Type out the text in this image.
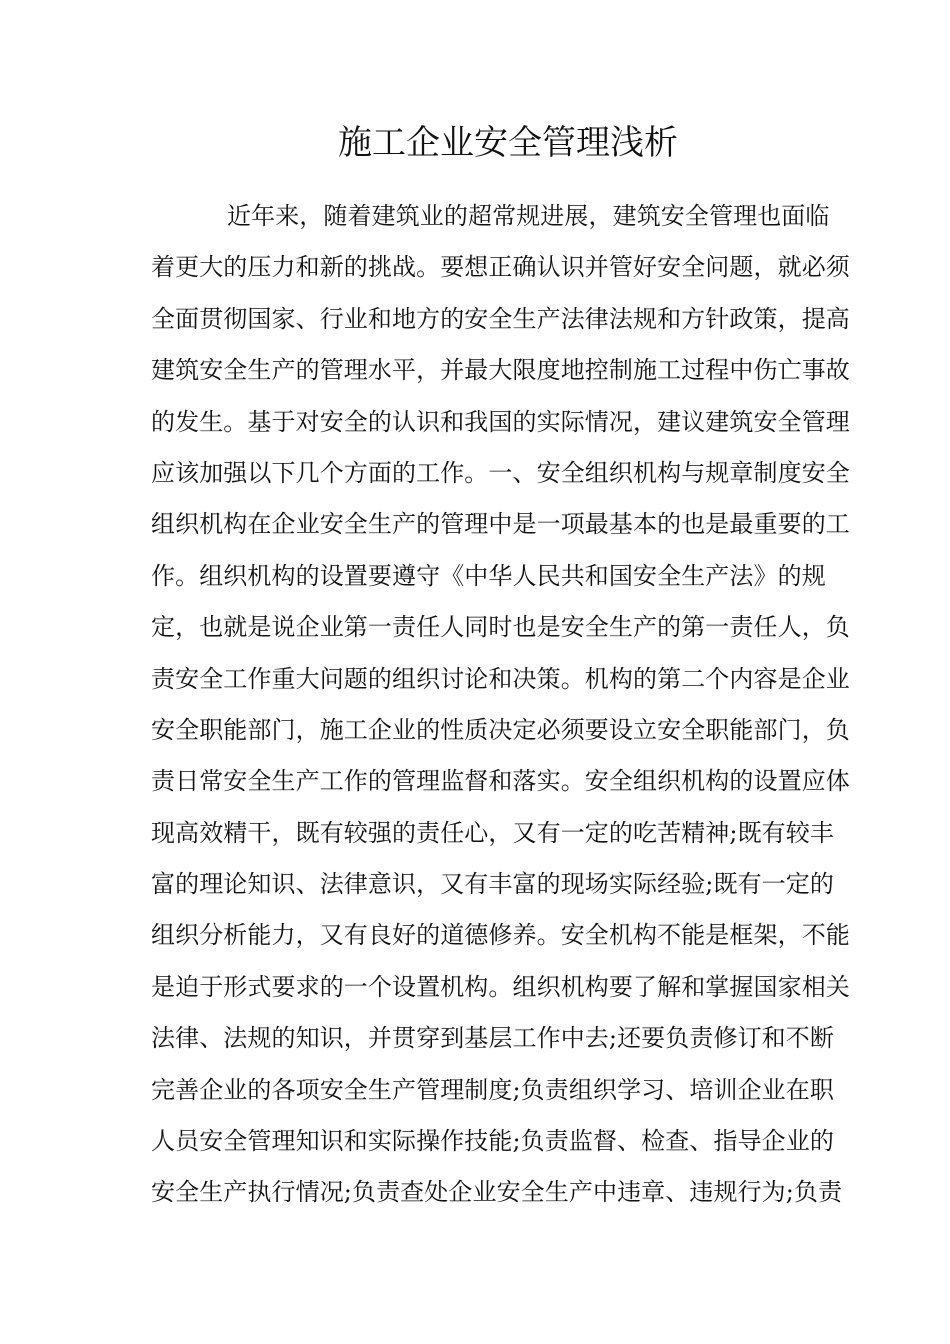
施工企业安全管理浅析
近年来，随着建筑业的超常规进展，建筑安全管理也面临
着更大的压力和新的挑战。要想正确认识并管好安全问题，就必须
全面贯彻国家、行业和地方的安全生产法律法规和方针政策，提高
建筑安全生产的管理水平，并最大限度地控制施工过程中伤亡事故
的发生。基于对安全的认识和我国的实际情况，建议建筑安全管理
应该加强以下几个方面的工作。一、安全组织机构与规章制度安全
组织机构在企业安全生产的管理中是一项最基本的也是最重要的工
作。组织机构的设置要遵守《中华人民共和国安全生产法》的规
定，也就是说企业第一责任人同时也是安全生产的第一责任人，负
责安全工作重大问题的组织讨论和决策。机构的第二个内容是企业
安全职能部门，施工企业的性质决定必须要设立安全职能部门，负
责日常安全生产工作的管理监督和落实。安全组织机构的设置应体
现高效精干，既有较强的责任心，又有一定的吃苦精神;既有较丰
富的理论知识、法律意识，又有丰富的现场实际经验;既有一定的
组织分析能力，又有良好的道德修养。安全机构不能是框架，不能
是迫于形式要求的一个设置机构。组织机构要了解和掌握国家相关
法律、法规的知识，并贯穿到基层工作中去;还要负责修订和不断
完善企业的各项安全生产管理制度;负责组织学习、培训企业在职
人员安全管理知识和实际操作技能;负责监督、检查、指导企业的
安全生产执行情况;负责查处企业安全生产中违章、违规行为;负责
